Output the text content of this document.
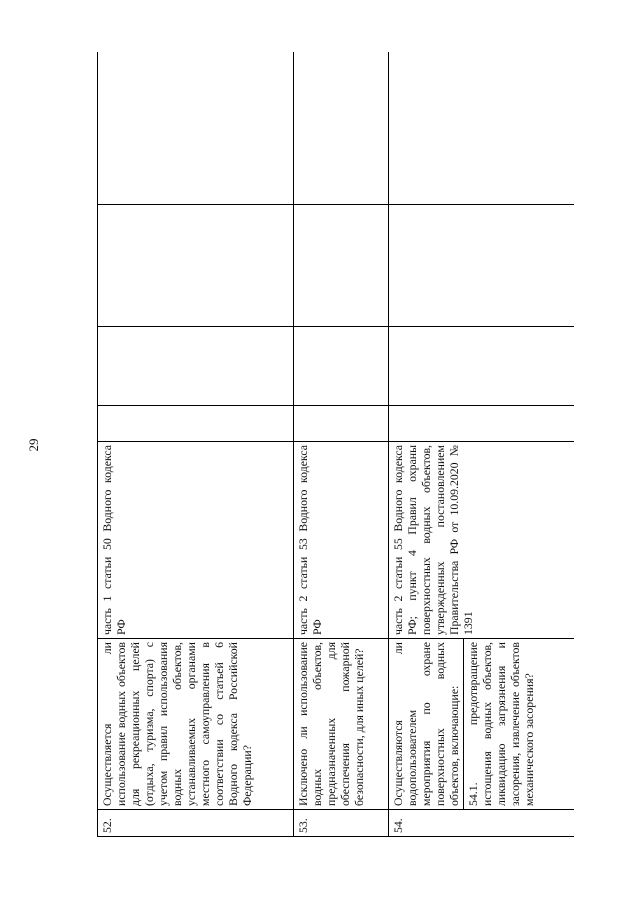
29
52.	Осуществляется ли использование водных объектов для рекреационных целей (отдыха, туризма, спорта) с учетом правил использования водных объектов, устанавливаемых органами местного самоуправления в соответствии со статьей 6 Водного кодекса Российской Федерации?	часть 1 статьи 50 Водного кодекса РФ				
53.	Исключено ли использование водных объектов, предназначенных для обеспечения пожарной безопасности, для иных целей?	часть 2 статьи 53 Водного кодекса РФ				
54.	Осуществляются ли водопользователем мероприятия по охране поверхностных водных объектов, включающие:	часть 2 статьи 55 Водного кодекса РФ; пункт 4 Правил охраны поверхностных водных объектов, утвержденных постановлением Правительства РФ от 10.09.2020 № 1391				
	54.1. предотвращение истощения водных объектов, ликвидацию загрязнения и засорения, извлечение объектов механического засорения?					
